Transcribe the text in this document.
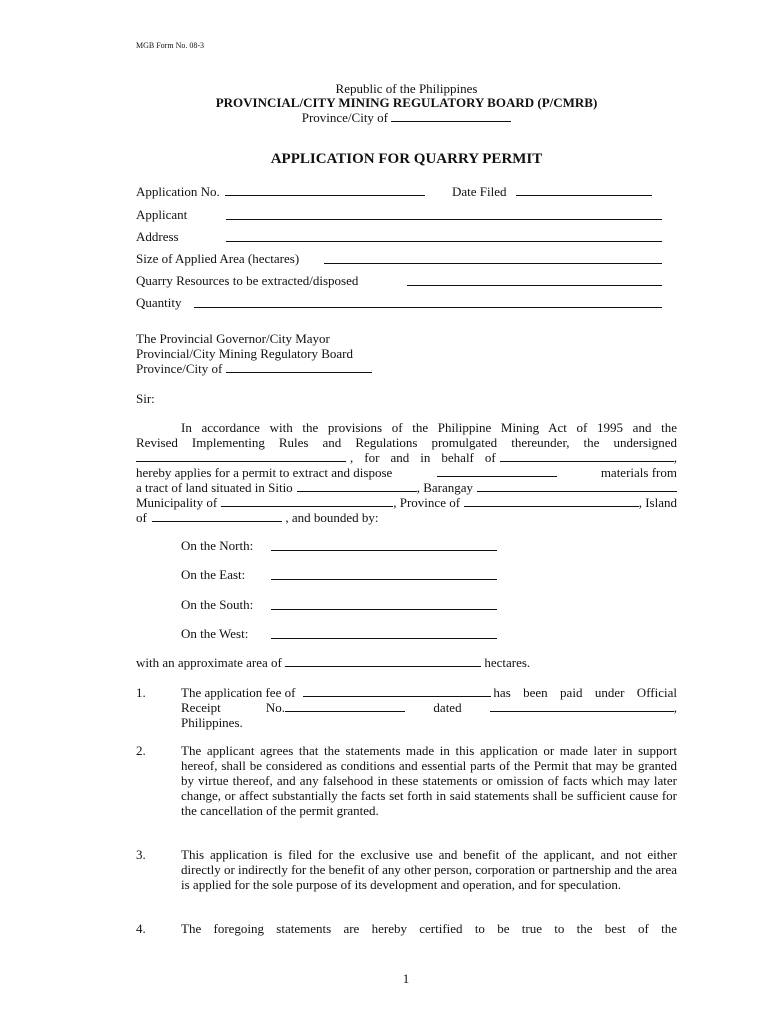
MGB Form No. 08-3
Republic of the Philippines
PROVINCIAL/CITY MINING REGULATORY BOARD (P/CMRB)
Province/City of
APPLICATION FOR QUARRY PERMIT
Application No.	Date Filed
Applicant
Address
Size of Applied Area (hectares)
Quarry Resources to be extracted/disposed
Quantity
The Provincial Governor/City Mayor
Provincial/City Mining Regulatory Board
Province/City of
Sir:
In accordance with the provisions of the Philippine Mining Act of 1995 and the
Revised Implementing Rules and Regulations promulgated thereunder, the undersigned
, for and in behalf of	,
hereby applies for a permit to extract and dispose	materials from
a tract of land situated in Sitio	, Barangay
Municipality of	, Province of	, Island
of	, and bounded by:
On the North:
On the East:
On the South:
On the West:
with an approximate area of	hectares.
1.	The application fee of	has been paid under Official
Receipt No.	dated	,
Philippines.
2.	The applicant agrees that the statements made in this application or made later in support hereof, shall be considered as conditions and essential parts of the Permit that may be granted by virtue thereof, and any falsehood in these statements or omission of facts which may later change, or affect substantially the facts set forth in said statements shall be sufficient cause for the cancellation of the permit granted.
3.	This application is filed for the exclusive use and benefit of the applicant, and not either directly or indirectly for the benefit of any other person, corporation or partnership and the area is applied for the sole purpose of its development and operation, and for speculation.
4.	The foregoing statements are hereby certified to be true to the best of the
1
